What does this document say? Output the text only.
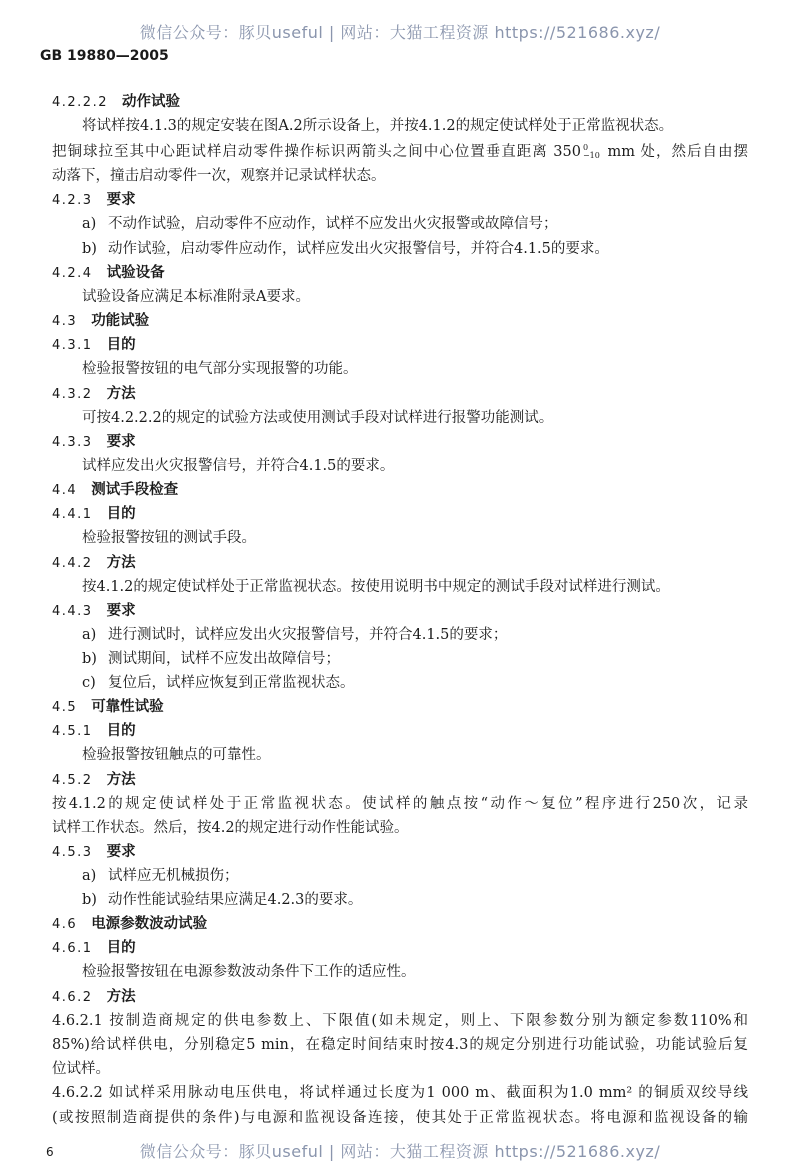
微信公众号：豚贝useful | 网站：大猫工程资源 https://521686.xyz/
GB 19880—2005
4.2.2.2 动作试验
将试样按4.1.3的规定安装在图A.2所示设备上，并按4.1.2的规定使试样处于正常监视状态。
把铜球拉至其中心距试样启动零件操作标识两箭头之间中心位置垂直距离 350 0
−10 mm 处，然后自由摆
动落下，撞击启动零件一次，观察并记录试样状态。
4.2.3 要求
a) 不动作试验，启动零件不应动作，试样不应发出火灾报警或故障信号；
b) 动作试验，启动零件应动作，试样应发出火灾报警信号，并符合4.1.5的要求。
4.2.4 试验设备
试验设备应满足本标准附录A要求。
4.3 功能试验
4.3.1 目的
检验报警按钮的电气部分实现报警的功能。
4.3.2 方法
可按4.2.2.2的规定的试验方法或使用测试手段对试样进行报警功能测试。
4.3.3 要求
试样应发出火灾报警信号，并符合4.1.5的要求。
4.4 测试手段检查
4.4.1 目的
检验报警按钮的测试手段。
4.4.2 方法
按4.1.2的规定使试样处于正常监视状态。按使用说明书中规定的测试手段对试样进行测试。
4.4.3 要求
a) 进行测试时，试样应发出火灾报警信号，并符合4.1.5的要求；
b) 测试期间，试样不应发出故障信号；
c) 复位后，试样应恢复到正常监视状态。
4.5 可靠性试验
4.5.1 目的
检验报警按钮触点的可靠性。
4.5.2 方法
按4.1.2的规定使试样处于正常监视状态。使试样的触点按“动作～复位”程序进行250次，记录
试样工作状态。然后，按4.2的规定进行动作性能试验。
4.5.3 要求
a) 试样应无机械损伤；
b) 动作性能试验结果应满足4.2.3的要求。
4.6 电源参数波动试验
4.6.1 目的
检验报警按钮在电源参数波动条件下工作的适应性。
4.6.2 方法
4.6.2.1 按制造商规定的供电参数上、下限值(如未规定，则上、下限参数分别为额定参数110%和
85%)给试样供电，分别稳定5 min，在稳定时间结束时按4.3的规定分别进行功能试验，功能试验后复
位试样。
4.6.2.2 如试样采用脉动电压供电，将试样通过长度为1 000 m、截面积为1.0 mm² 的铜质双绞导线
(或按照制造商提供的条件)与电源和监视设备连接，使其处于正常监视状态。将电源和监视设备的输
6	微信公众号：豚贝useful | 网站：大猫工程资源 https://521686.xyz/
